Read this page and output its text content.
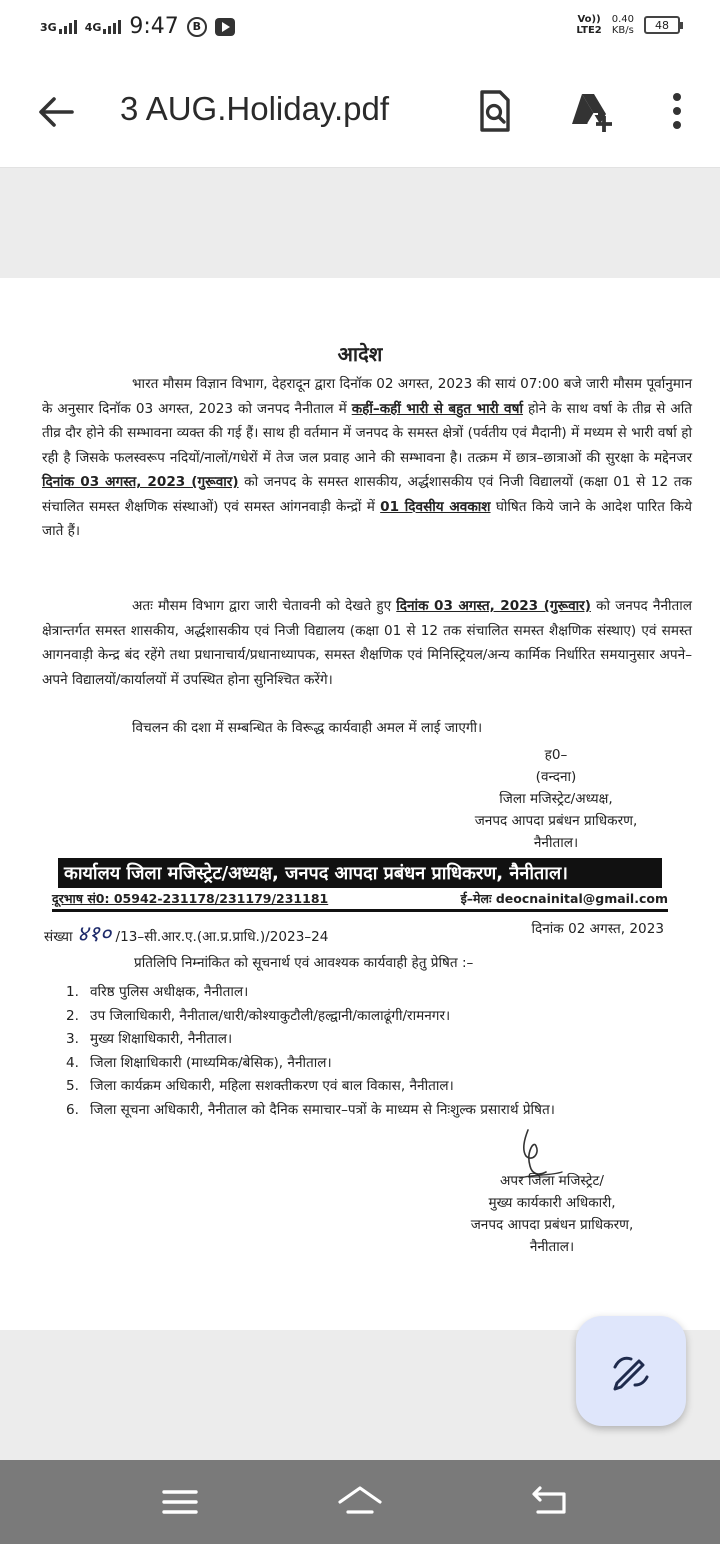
3G	4G 9:47	B
Vo))
LTE2
0.40
KB/s	48
3 AUG.Holiday.pdf
आदेश
भारत मौसम विज्ञान विभाग, देहरादून द्वारा दिनॉक 02 अगस्त, 2023 की सायं 07:00 बजे जारी मौसम पूर्वानुमान के अनुसार दिनॉक 03 अगस्त, 2023 को जनपद नैनीताल में कहीं–कहीं भारी से बहुत भारी वर्षा होने के साथ वर्षा के तीव्र से अति तीव्र दौर होने की सम्भावना व्यक्त की गई हैं। साथ ही वर्तमान में जनपद के समस्त क्षेत्रों (पर्वतीय एवं मैदानी) में मध्यम से भारी वर्षा हो रही है जिसके फलस्वरूप नदियों/नालों/गधेरों में तेज जल प्रवाह आने की सम्भावना है। तत्क्रम में छात्र–छात्राओं की सुरक्षा के मद्देनजर दिनांक 03 अगस्त, 2023 (गुरूवार) को जनपद के समस्त शासकीय, अर्द्धशासकीय एवं निजी विद्यालयों (कक्षा 01 से 12 तक संचालित समस्त शैक्षणिक संस्थाओं) एवं समस्त आंगनवाड़ी केन्द्रों में 01 दिवसीय अवकाश घोषित किये जाने के आदेश पारित किये जाते हैं।
अतः मौसम विभाग द्वारा जारी चेतावनी को देखते हुए दिनांक 03 अगस्त, 2023 (गुरूवार) को जनपद नैनीताल क्षेत्रान्तर्गत समस्त शासकीय, अर्द्धशासकीय एवं निजी विद्यालय (कक्षा 01 से 12 तक संचालित समस्त शैक्षणिक संस्थाए) एवं समस्त आगनवाड़ी केन्द्र बंद रहेंगे तथा प्रधानाचार्य/प्रधानाध्यापक, समस्त शैक्षणिक एवं मिनिस्ट्रियल/अन्य कार्मिक निर्धारित समयानुसार अपने–अपने विद्यालयों/कार्यालयों में उपस्थित होना सुनिश्चित करेंगे।
विचलन की दशा में सम्बन्धित के विरूद्ध कार्यवाही अमल में लाई जाएगी।
ह0–
(वन्दना)
जिला मजिस्ट्रेट/अध्यक्ष,
जनपद आपदा प्रबंधन प्राधिकरण,
नैनीताल।
कार्यालय जिला मजिस्ट्रेट/अध्यक्ष, जनपद आपदा प्रबंधन प्राधिकरण, नैनीताल।
दूरभाष सं0: 05942-231178/231179/231181	ई–मेलः deocnainital@gmail.com
संख्या ४१० /13–सी.आर.ए.(आ.प्र.प्राधि.)/2023–24	दिनांक 02 अगस्त, 2023
प्रतिलिपि निम्नांकित को सूचनार्थ एवं आवश्यक कार्यवाही हेतु प्रेषित :–
1. वरिष्ठ पुलिस अधीक्षक, नैनीताल।
2. उप जिलाधिकारी, नैनीताल/धारी/कोश्याकुटौली/हल्द्वानी/कालाढूंगी/रामनगर।
3. मुख्य शिक्षाधिकारी, नैनीताल।
4. जिला शिक्षाधिकारी (माध्यमिक/बेसिक), नैनीताल।
5. जिला कार्यक्रम अधिकारी, महिला सशक्तीकरण एवं बाल विकास, नैनीताल।
6. जिला सूचना अधिकारी, नैनीताल को दैनिक समाचार–पत्रों के माध्यम से निःशुल्क प्रसारार्थ प्रेषित।
अपर जिला मजिस्ट्रेट/
मुख्य कार्यकारी अधिकारी,
जनपद आपदा प्रबंधन प्राधिकरण,
नैनीताल।
